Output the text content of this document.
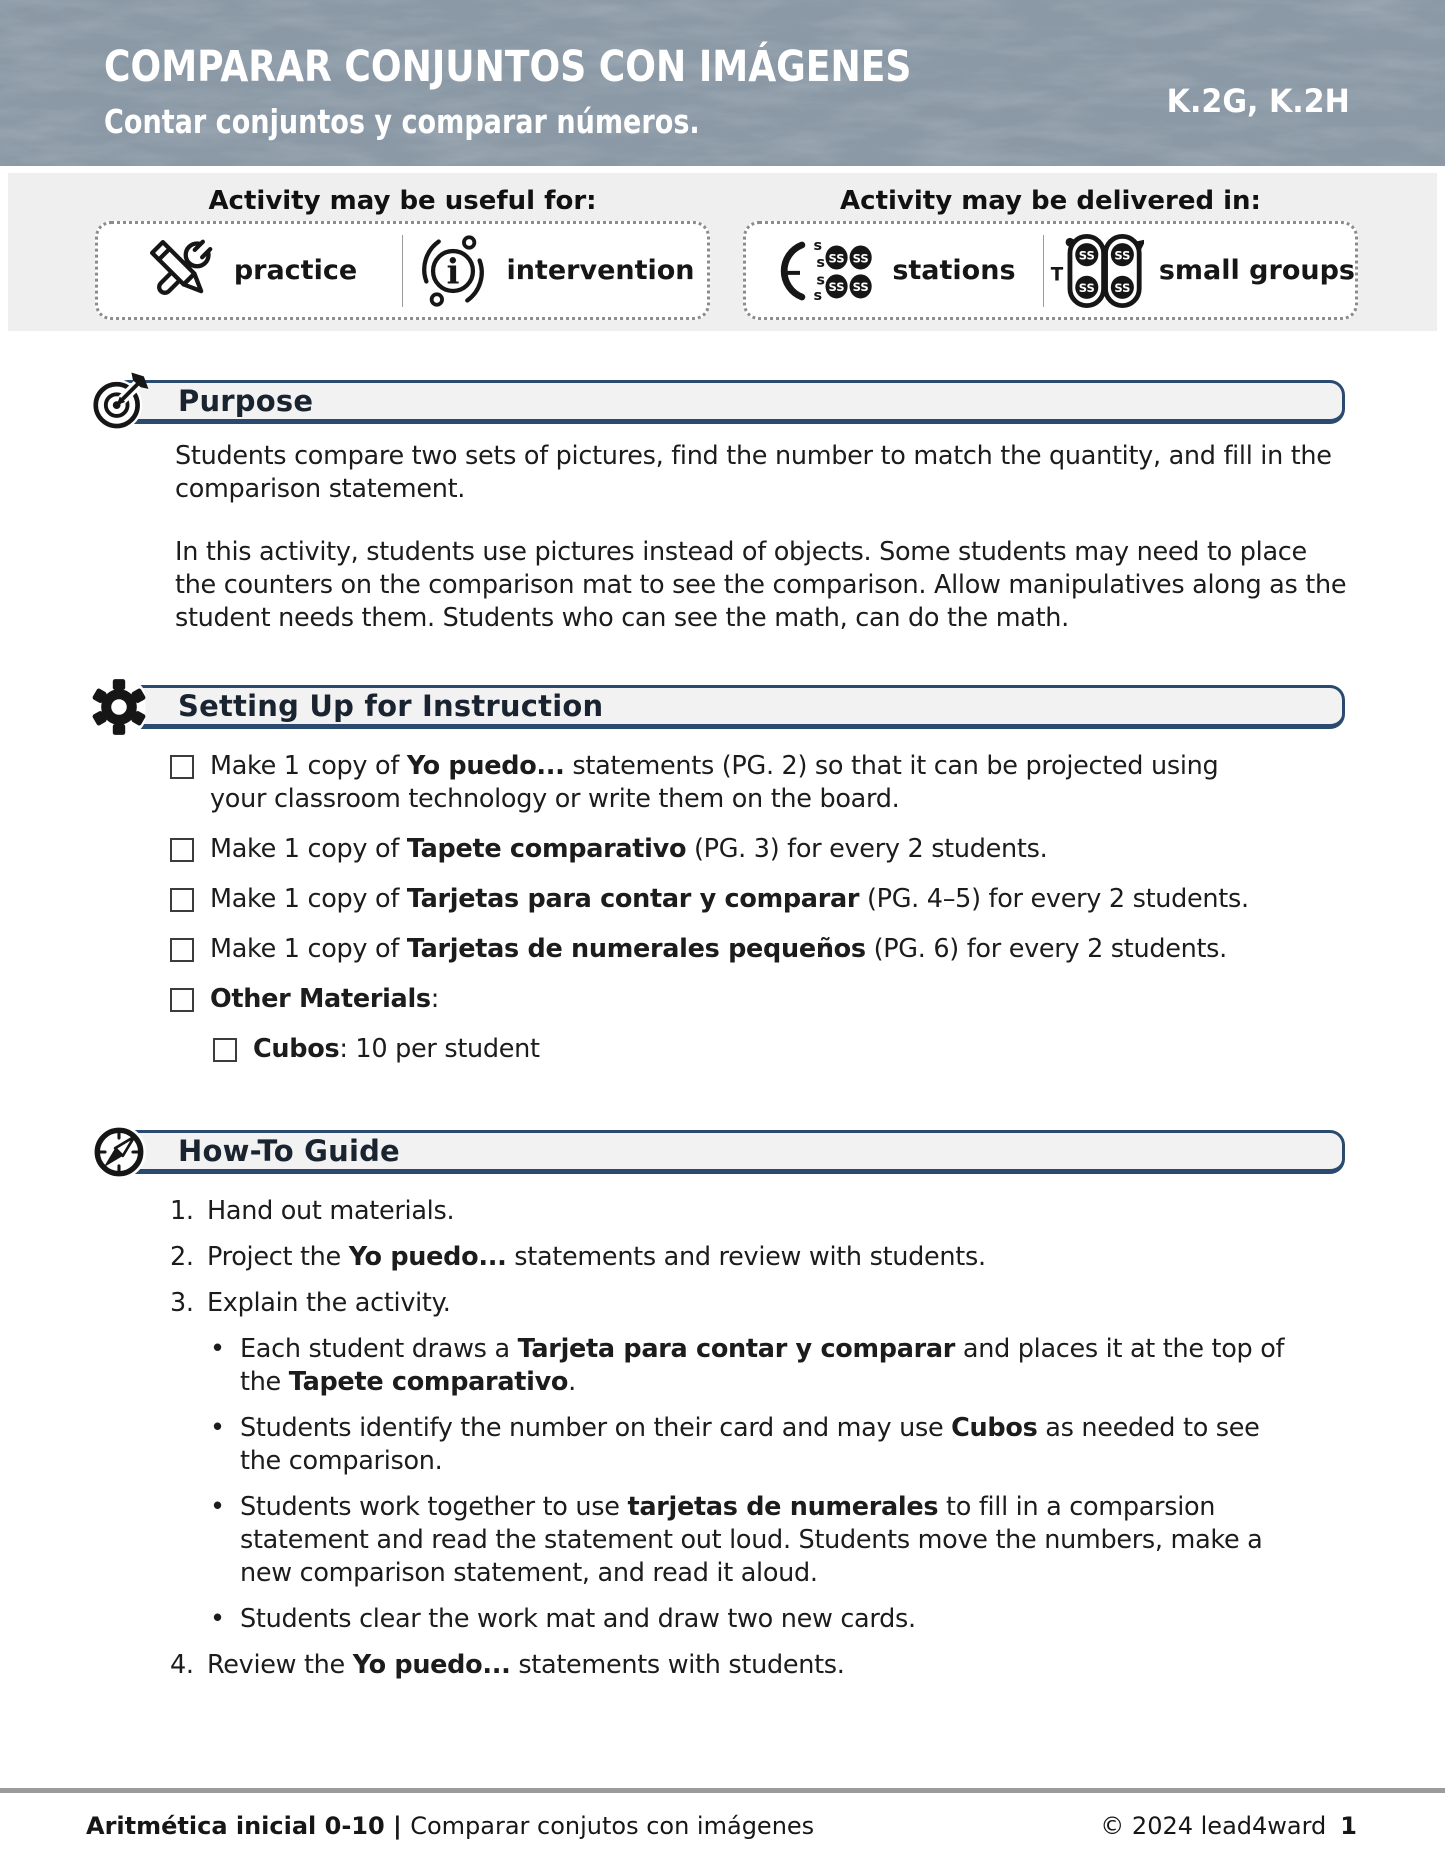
COMPARAR CONJUNTOS CON IMÁGENES
Contar conjuntos y comparar números.
K.2G, K.2H
Activity may be useful for:
practice i intervention
Activity may be delivered in:
T
s
s
s
s
SS SS
SS SS
stations T
SS
SS
SS
SS
small groups
Purpose

Students compare two sets of pictures, find the number to match the quantity, and fill in the comparison statement.

In this activity, students use pictures instead of objects. Some students may need to place the counters on the comparison mat to see the comparison. Allow manipulatives along as the student needs them. Students who can see the math, can do the math.

Setting Up for Instruction
Make 1 copy of Yo puedo... statements (PG. 2) so that it can be projected using your classroom technology or write them on the board.
Make 1 copy of Tapete comparativo (PG. 3) for every 2 students.
Make 1 copy of Tarjetas para contar y comparar (PG. 4–5) for every 2 students.
Make 1 copy of Tarjetas de numerales pequeños (PG. 6) for every 2 students.
Other Materials:
Cubos: 10 per student
How-To Guide
1. Hand out materials.
2. Project the Yo puedo... statements and review with students.
3. Explain the activity.
• Each student draws a Tarjeta para contar y comparar and places it at the top of the Tapete comparativo.
• Students identify the number on their card and may use Cubos as needed to see the comparison.
• Students work together to use tarjetas de numerales to fill in a comparsion statement and read the statement out loud. Students move the numbers, make a new comparison statement, and read it aloud.
• Students clear the work mat and draw two new cards.
4. Review the Yo puedo... statements with students.
Aritmética inicial 0-10 | Comparar conjutos con imágenes	© 2024 lead4ward 1
